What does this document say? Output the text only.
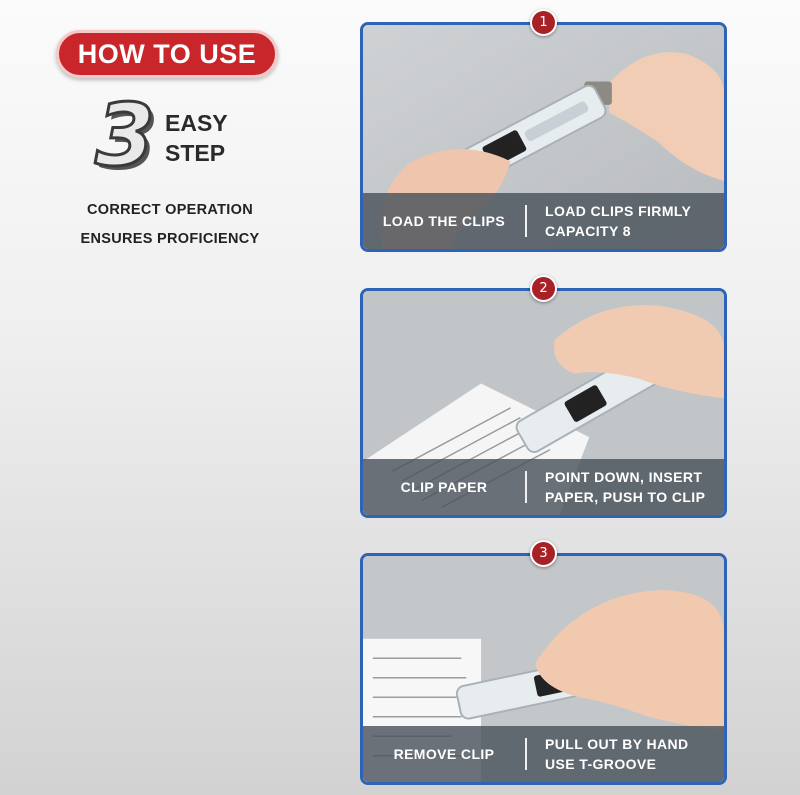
HOW TO USE
3 EASY
STEP
CORRECT OPERATION
ENSURES PROFICIENCY
1
LOAD THE CLIPS
LOAD CLIPS FIRMLY
CAPACITY 8
2
CLIP PAPER
POINT DOWN, INSERT
PAPER, PUSH TO CLIP
3
REMOVE CLIP
PULL OUT BY HAND
USE T-GROOVE
